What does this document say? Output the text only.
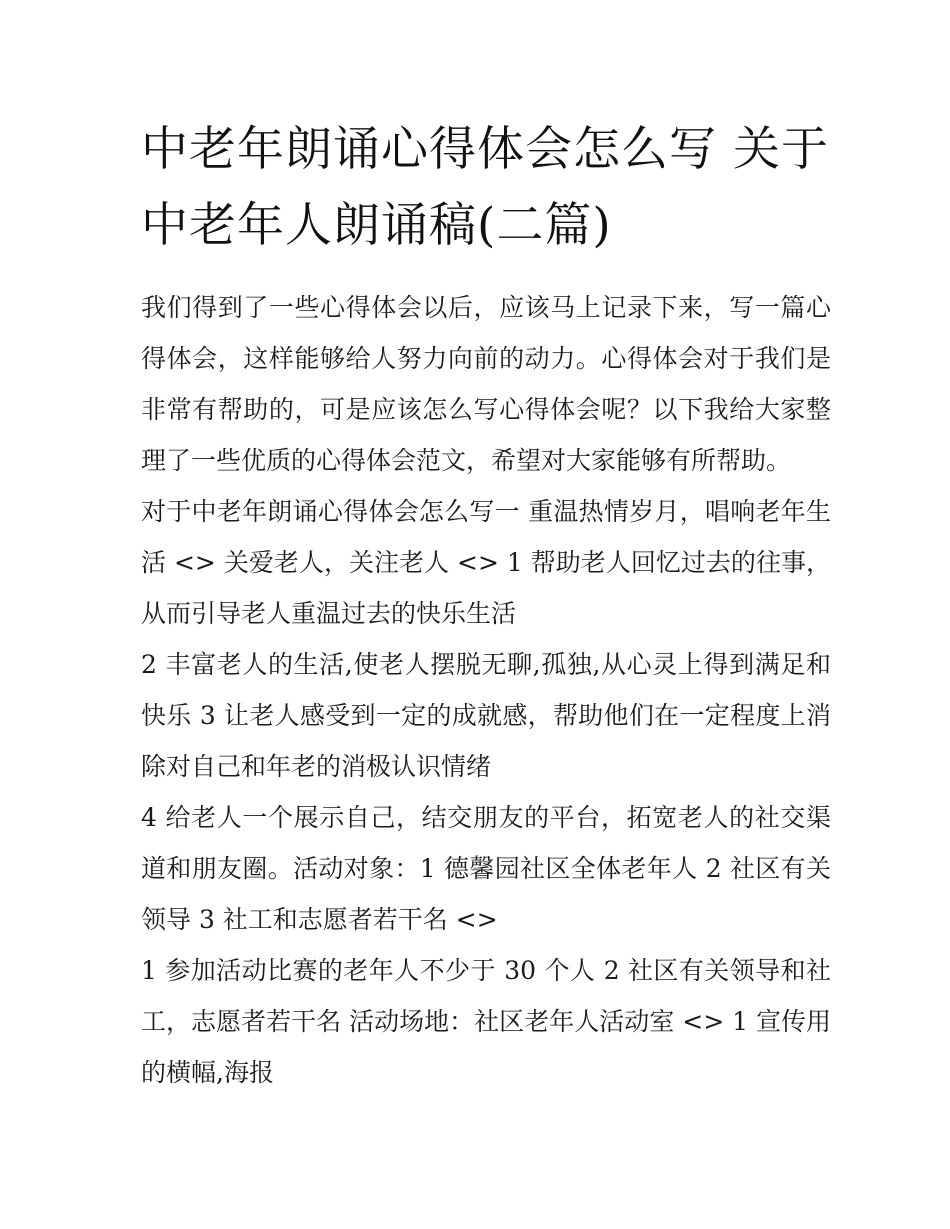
中老年朗诵心得体会怎么写 关于中老年人朗诵稿(二篇)

我们得到了一些心得体会以后，应该马上记录下来，写一篇心得体会，这样能够给人努力向前的动力。心得体会对于我们是非常有帮助的，可是应该怎么写心得体会呢？以下我给大家整理了一些优质的心得体会范文，希望对大家能够有所帮助。

对于中老年朗诵心得体会怎么写一 重温热情岁月，唱响老年生活 <> 关爱老人，关注老人 <> 1 帮助老人回忆过去的往事，从而引导老人重温过去的快乐生活

2 丰富老人的生活,使老人摆脱无聊,孤独,从心灵上得到满足和快乐 3 让老人感受到一定的成就感，帮助他们在一定程度上消除对自己和年老的消极认识情绪

4 给老人一个展示自己，结交朋友的平台，拓宽老人的社交渠道和朋友圈。活动对象：1 德馨园社区全体老年人 2 社区有关领导 3 社工和志愿者若干名 <>

1 参加活动比赛的老年人不少于 30 个人 2 社区有关领导和社工，志愿者若干名 活动场地：社区老年人活动室 <> 1 宣传用的横幅,海报
